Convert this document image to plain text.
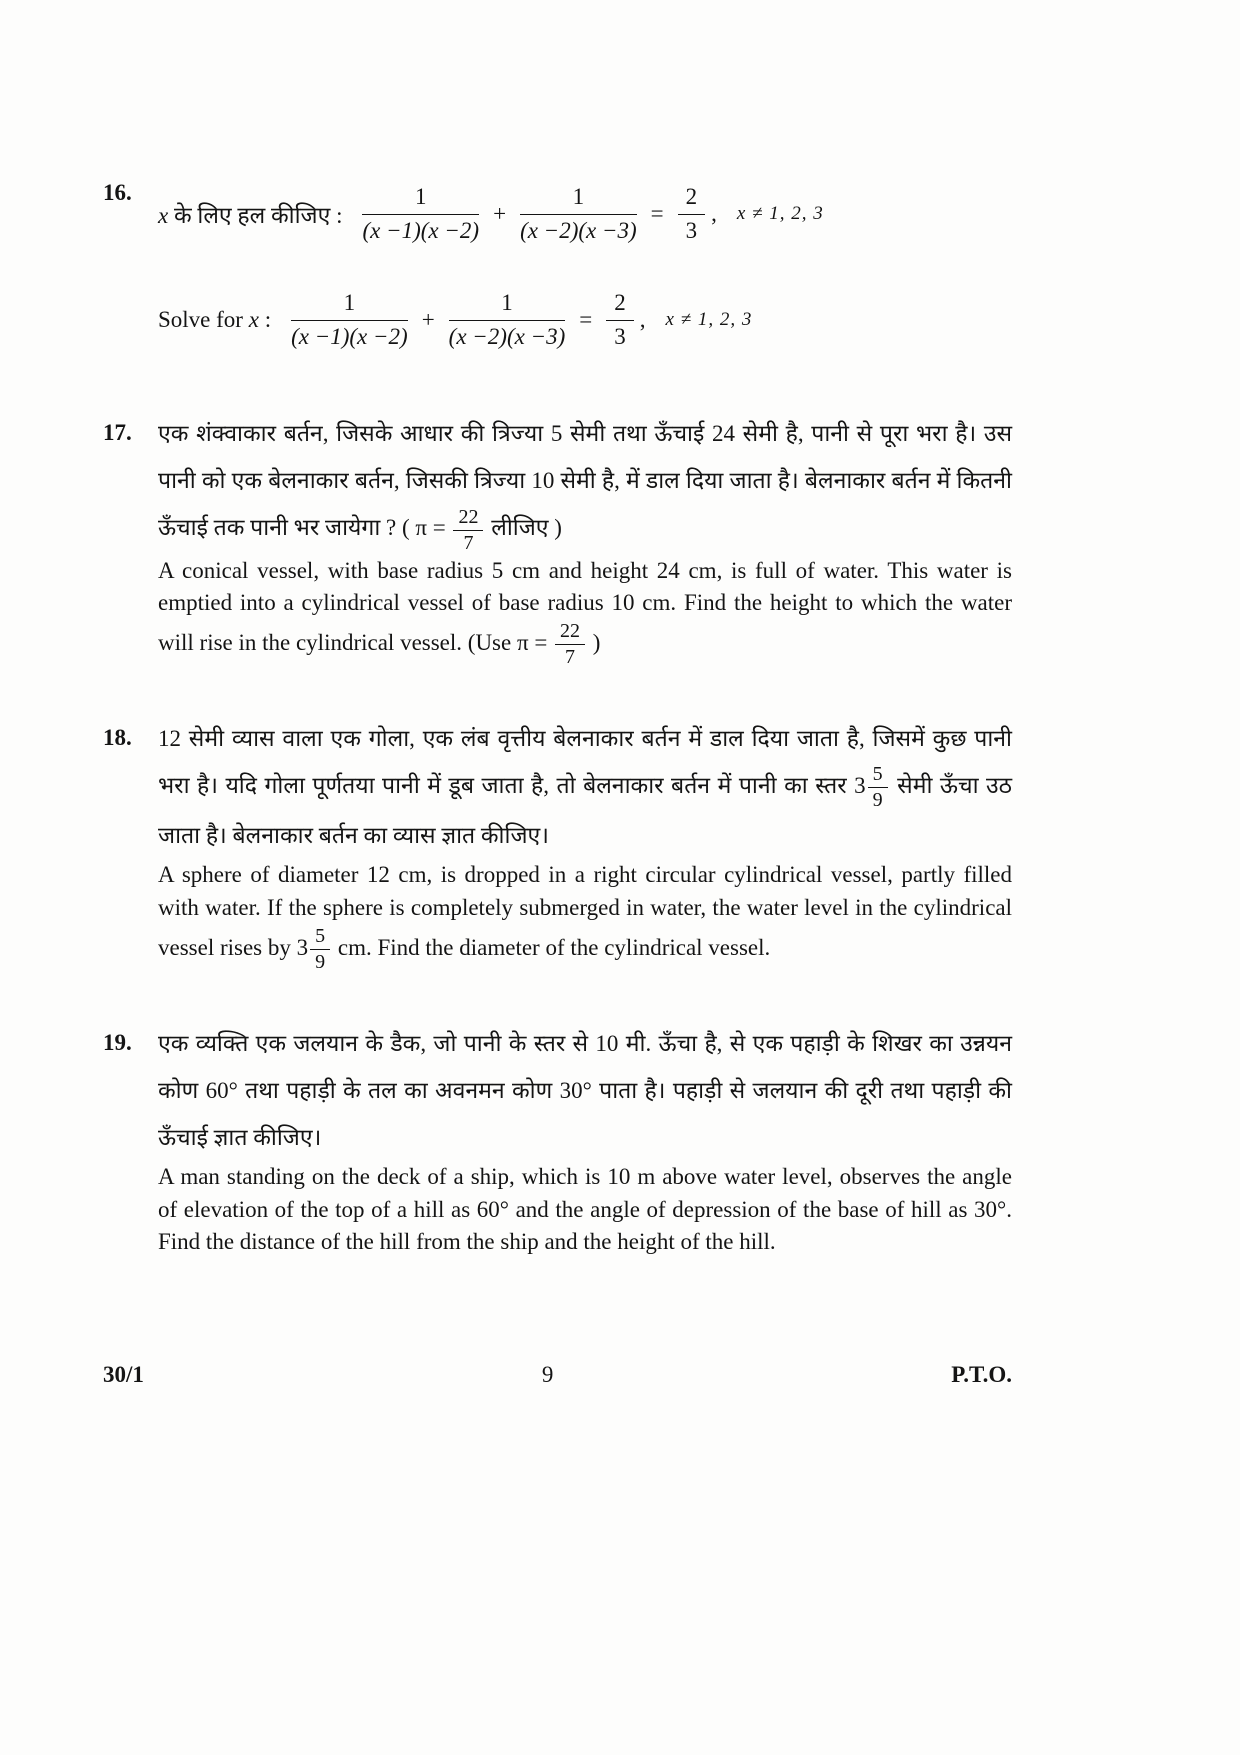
16.
x के लिए हल कीजिए : $\frac{1}{(x -1)(x -2)} + \frac{1}{(x -2)(x -3)} = \frac{2}{3}$ , x ≠ 1, 2, 3
Solve for x : $\frac{1}{(x -1)(x -2)} + \frac{1}{(x -2)(x -3)} = \frac{2}{3}$ , x ≠ 1, 2, 3
17.	एक शंक्वाकार बर्तन, जिसके आधार की त्रिज्या 5 सेमी तथा ऊँचाई 24 सेमी है, पानी से पूरा भरा है। उस पानी को एक बेलनाकार बर्तन, जिसकी त्रिज्या 10 सेमी है, में डाल दिया जाता है। बेलनाकार बर्तन में कितनी ऊँचाई तक पानी भर जायेगा ? ( $\pi = \frac{22}{7}$ लीजिए )

A conical vessel, with base radius 5 cm and height 24 cm, is full of water. This water is emptied into a cylindrical vessel of base radius 10 cm. Find the height to which the water will rise in the cylindrical vessel. (Use $\pi = \frac{22}{7}$ )

18.	12 सेमी व्यास वाला एक गोला, एक लंब वृत्तीय बेलनाकार बर्तन में डाल दिया जाता है, जिसमें कुछ पानी भरा है। यदि गोला पूर्णतया पानी में डूब जाता है, तो बेलनाकार बर्तन में पानी का स्तर $3 \frac{5}{9}$ सेमी ऊँचा उठ जाता है। बेलनाकार बर्तन का व्यास ज्ञात कीजिए।

A sphere of diameter 12 cm, is dropped in a right circular cylindrical vessel, partly filled with water. If the sphere is completely submerged in water, the water level in the cylindrical vessel rises by $3 \frac{5}{9}$ cm. Find the diameter of the cylindrical vessel.

19.	एक व्यक्ति एक जलयान के डैक, जो पानी के स्तर से 10 मी. ऊँचा है, से एक पहाड़ी के शिखर का उन्नयन कोण 60° तथा पहाड़ी के तल का अवनमन कोण 30° पाता है। पहाड़ी से जलयान की दूरी तथा पहाड़ी की ऊँचाई ज्ञात कीजिए।

A man standing on the deck of a ship, which is 10 m above water level, observes the angle of elevation of the top of a hill as 60° and the angle of depression of the base of hill as 30°. Find the distance of the hill from the ship and the height of the hill.

30/1	9	P.T.O.
